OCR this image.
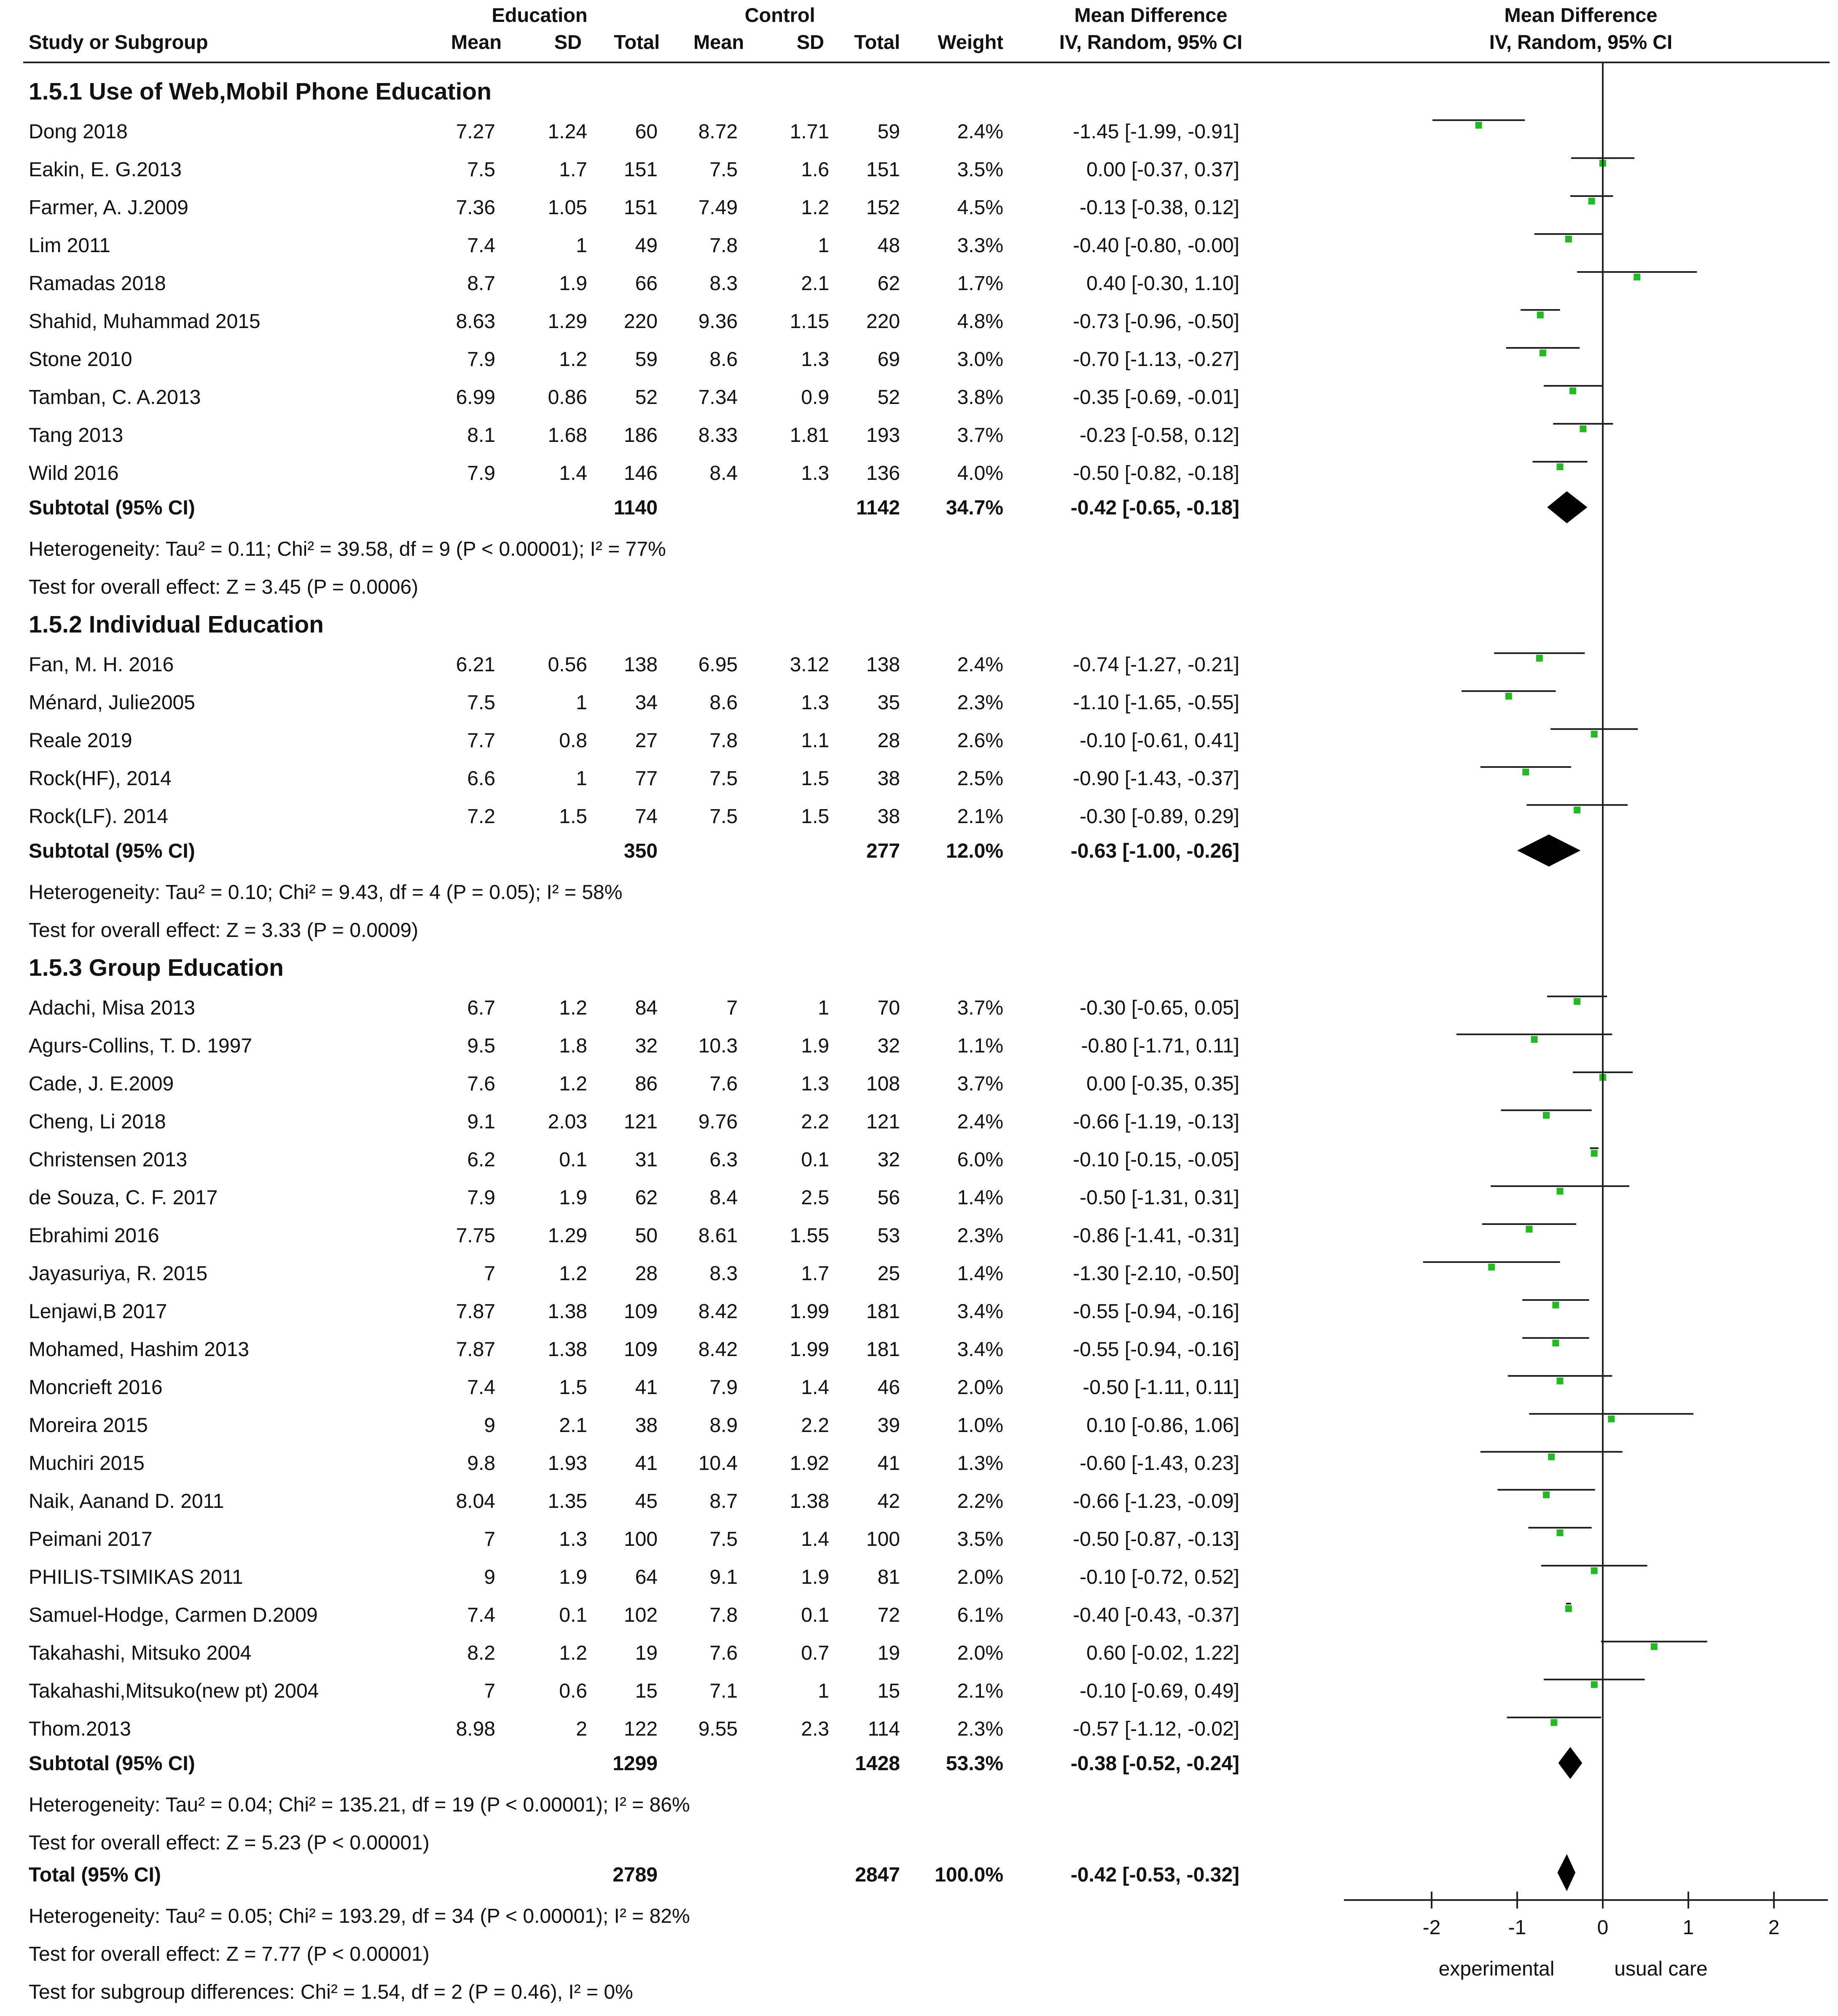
Education	Control	Mean Difference	Mean Difference
Study or Subgroup	Mean	SD	Total	Mean	SD	Total	Weight	IV, Random, 95% CI	IV, Random, 95% CI
1.5.1 Use of Web,Mobil Phone Education
Dong 2018	7.27	1.24	60	8.72	1.71	59	2.4%	-1.45 [-1.99, -0.91]
Eakin, E. G.2013	7.5	1.7	151	7.5	1.6	151	3.5%	0.00 [-0.37, 0.37]
Farmer, A. J.2009	7.36	1.05	151	7.49	1.2	152	4.5%	-0.13 [-0.38, 0.12]
Lim 2011	7.4	1	49	7.8	1	48	3.3%	-0.40 [-0.80, -0.00]
Ramadas 2018	8.7	1.9	66	8.3	2.1	62	1.7%	0.40 [-0.30, 1.10]
Shahid, Muhammad 2015	8.63	1.29	220	9.36	1.15	220	4.8%	-0.73 [-0.96, -0.50]
Stone 2010	7.9	1.2	59	8.6	1.3	69	3.0%	-0.70 [-1.13, -0.27]
Tamban, C. A.2013	6.99	0.86	52	7.34	0.9	52	3.8%	-0.35 [-0.69, -0.01]
Tang 2013	8.1	1.68	186	8.33	1.81	193	3.7%	-0.23 [-0.58, 0.12]
Wild 2016	7.9	1.4	146	8.4	1.3	136	4.0%	-0.50 [-0.82, -0.18]
Subtotal (95% CI)	1140	1142	34.7%	-0.42 [-0.65, -0.18]
Heterogeneity: Tau² = 0.11; Chi² = 39.58, df = 9 (P < 0.00001); I² = 77%
Test for overall effect: Z = 3.45 (P = 0.0006)
1.5.2 Individual Education
Fan, M. H. 2016	6.21	0.56	138	6.95	3.12	138	2.4%	-0.74 [-1.27, -0.21]
Ménard, Julie2005	7.5	1	34	8.6	1.3	35	2.3%	-1.10 [-1.65, -0.55]
Reale 2019	7.7	0.8	27	7.8	1.1	28	2.6%	-0.10 [-0.61, 0.41]
Rock(HF), 2014	6.6	1	77	7.5	1.5	38	2.5%	-0.90 [-1.43, -0.37]
Rock(LF). 2014	7.2	1.5	74	7.5	1.5	38	2.1%	-0.30 [-0.89, 0.29]
Subtotal (95% CI)	350	277	12.0%	-0.63 [-1.00, -0.26]
Heterogeneity: Tau² = 0.10; Chi² = 9.43, df = 4 (P = 0.05); I² = 58%
Test for overall effect: Z = 3.33 (P = 0.0009)
1.5.3 Group Education
Adachi, Misa 2013	6.7	1.2	84	7	1	70	3.7%	-0.30 [-0.65, 0.05]
Agurs-Collins, T. D. 1997	9.5	1.8	32	10.3	1.9	32	1.1%	-0.80 [-1.71, 0.11]
Cade, J. E.2009	7.6	1.2	86	7.6	1.3	108	3.7%	0.00 [-0.35, 0.35]
Cheng, Li 2018	9.1	2.03	121	9.76	2.2	121	2.4%	-0.66 [-1.19, -0.13]
Christensen 2013	6.2	0.1	31	6.3	0.1	32	6.0%	-0.10 [-0.15, -0.05]
de Souza, C. F. 2017	7.9	1.9	62	8.4	2.5	56	1.4%	-0.50 [-1.31, 0.31]
Ebrahimi 2016	7.75	1.29	50	8.61	1.55	53	2.3%	-0.86 [-1.41, -0.31]
Jayasuriya, R. 2015	7	1.2	28	8.3	1.7	25	1.4%	-1.30 [-2.10, -0.50]
Lenjawi,B 2017	7.87	1.38	109	8.42	1.99	181	3.4%	-0.55 [-0.94, -0.16]
Mohamed, Hashim 2013	7.87	1.38	109	8.42	1.99	181	3.4%	-0.55 [-0.94, -0.16]
Moncrieft 2016	7.4	1.5	41	7.9	1.4	46	2.0%	-0.50 [-1.11, 0.11]
Moreira 2015	9	2.1	38	8.9	2.2	39	1.0%	0.10 [-0.86, 1.06]
Muchiri 2015	9.8	1.93	41	10.4	1.92	41	1.3%	-0.60 [-1.43, 0.23]
Naik, Aanand D. 2011	8.04	1.35	45	8.7	1.38	42	2.2%	-0.66 [-1.23, -0.09]
Peimani 2017	7	1.3	100	7.5	1.4	100	3.5%	-0.50 [-0.87, -0.13]
PHILIS-TSIMIKAS 2011	9	1.9	64	9.1	1.9	81	2.0%	-0.10 [-0.72, 0.52]
Samuel-Hodge, Carmen D.2009	7.4	0.1	102	7.8	0.1	72	6.1%	-0.40 [-0.43, -0.37]
Takahashi, Mitsuko 2004	8.2	1.2	19	7.6	0.7	19	2.0%	0.60 [-0.02, 1.22]
Takahashi,Mitsuko(new pt) 2004	7	0.6	15	7.1	1	15	2.1%	-0.10 [-0.69, 0.49]
Thom.2013	8.98	2	122	9.55	2.3	114	2.3%	-0.57 [-1.12, -0.02]
Subtotal (95% CI)	1299	1428	53.3%	-0.38 [-0.52, -0.24]
Heterogeneity: Tau² = 0.04; Chi² = 135.21, df = 19 (P < 0.00001); I² = 86%
Test for overall effect: Z = 5.23 (P < 0.00001)
Total (95% CI)	2789	2847	100.0%	-0.42 [-0.53, -0.32]
-2	-1	0	1	2
experimental	usual care
Heterogeneity: Tau² = 0.05; Chi² = 193.29, df = 34 (P < 0.00001); I² = 82%
Test for overall effect: Z = 7.77 (P < 0.00001)
Test for subgroup differences: Chi² = 1.54, df = 2 (P = 0.46), I² = 0%
